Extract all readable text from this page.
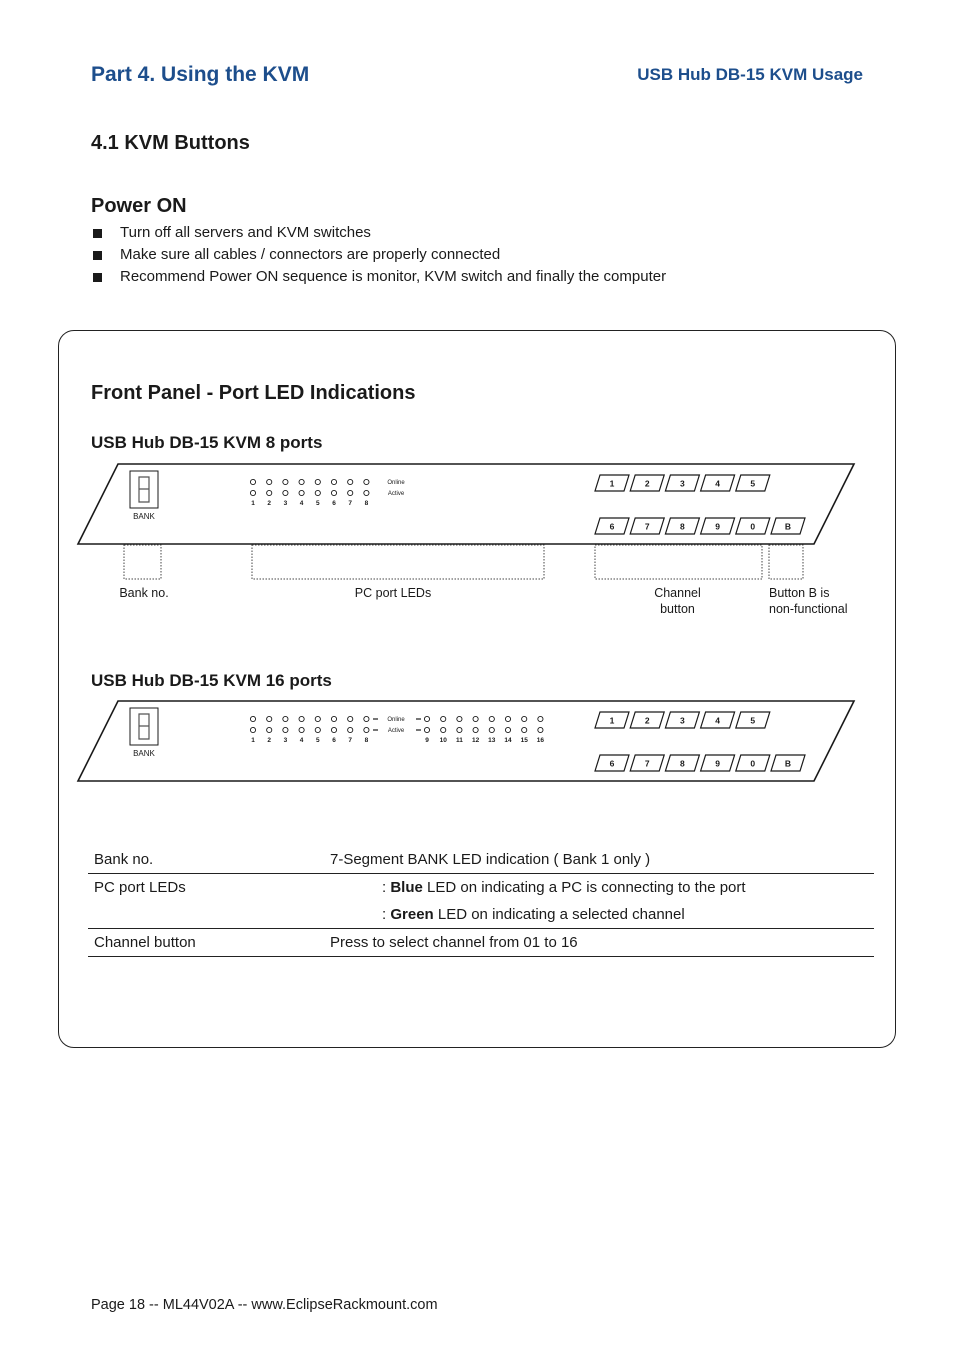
Part 4. Using the KVM	USB Hub DB-15 KVM Usage
4.1 KVM Buttons
Power ON
Turn off all servers and KVM switches
Make sure all cables / connectors are properly connected
Recommend Power ON sequence is monitor, KVM switch and finally the computer
Front Panel - Port LED Indications
USB Hub DB-15 KVM 8 ports
USB Hub DB-15 KVM 16 ports
BANK
1 2 3 4 5 6 7 8
Online
Active
1	2	3	4	5
6	7	8	9	0	B
BANK
1 2 3 4 5 6 7 8
Online
Active
9 10 11 12 13 14 15 16
1	2	3	4	5
6	7	8	9	0	B
Bank no.	PC port LEDs	Channel
button
Button B is
non-functional
Bank no.	7-Segment BANK LED indication ( Bank 1 only )
PC port LEDs	: Blue LED on indicating a PC is connecting to the port
	: Green LED on indicating a selected channel
Channel button	Press to select channel from 01 to 16
Page 18 -- ML44V02A -- www.EclipseRackmount.com
